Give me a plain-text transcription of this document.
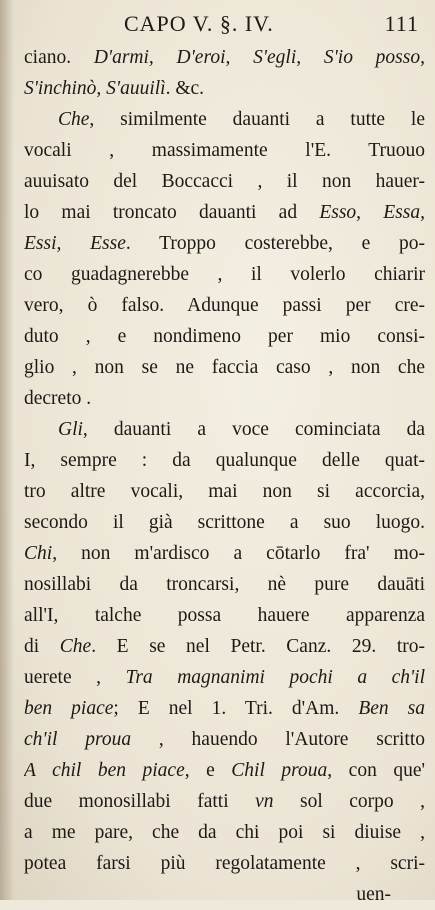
CAPO V. §. IV.	111
ciano. D'armi, D'eroi, S'egli, S'io posso,
S'inchinò, S'auuilì. &c.
Che, similmente dauanti a tutte le
vocali , massimamente l'E. Truouo
auuisato del Boccacci , il non hauer-
lo mai troncato dauanti ad Esso, Essa,
Essi, Esse. Troppo costerebbe, e po-
co guadagnerebbe , il volerlo chiarir
vero, ò falso. Adunque passi per cre-
duto , e nondimeno per mio consi-
glio , non se ne faccia caso , non che
decreto .
Gli, dauanti a voce cominciata da
I, sempre : da qualunque delle quat-
tro altre vocali, mai non si accorcia,
secondo il già scrittone a suo luogo.
Chi, non m'ardisco a cōtarlo fra' mo-
nosillabi da troncarsi, nè pure dauāti
all'I, talche possa hauere apparenza
di Che. E se nel Petr. Canz. 29. tro-
uerete , Tra magnanimi pochi a ch'il
ben piace; E nel 1. Tri. d'Am. Ben sa
ch'il proua , hauendo l'Autore scritto
A chil ben piace, e Chil proua, con que'
due monosillabi fatti vn sol corpo ,
a me pare, che da chi poi si diuise ,
potea farsi più regolatamente , scri-
uen-
